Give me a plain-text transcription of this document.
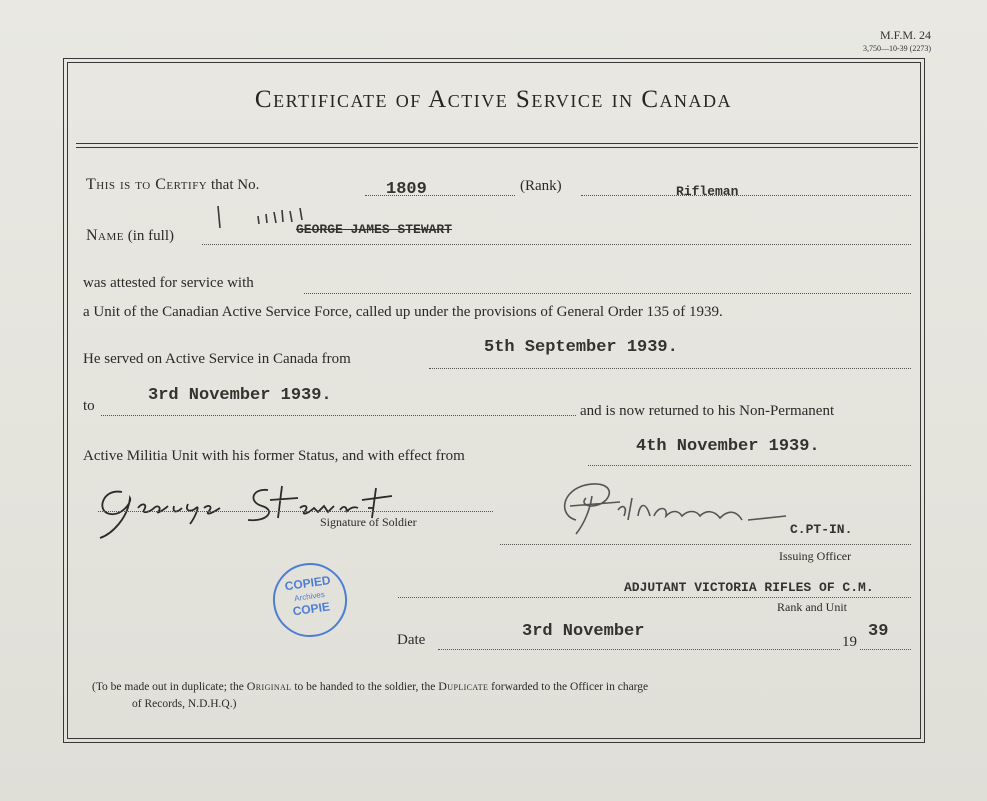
M.F.M. 24
3,750—10-39 (2273)
Certificate of Active Service in Canada
This is to Certify that No.	1809	(Rank)	Rifleman
Name (in full)	GEORGE JAMES STEWART
was attested for service with
a Unit of the Canadian Active Service Force, called up under the provisions of General Order 135 of 1939.
He served on Active Service in Canada from
5th September 1939.
to
3rd November 1939.
and is now returned to his Non-Permanent
Active Militia Unit with his former Status, and with effect from	4th November 1939.
George Stewart
Signature of Soldier	C.PT-IN.
Issuing Officer
ADJUTANT VICTORIA RIFLES OF C.M.
Rank and Unit
COPIED
Archives
COPIE
Date	3rd November
19
39
(To be made out in duplicate; the Original to be handed to the soldier, the Duplicate forwarded to the Officer in charge
of Records, N.D.H.Q.)
